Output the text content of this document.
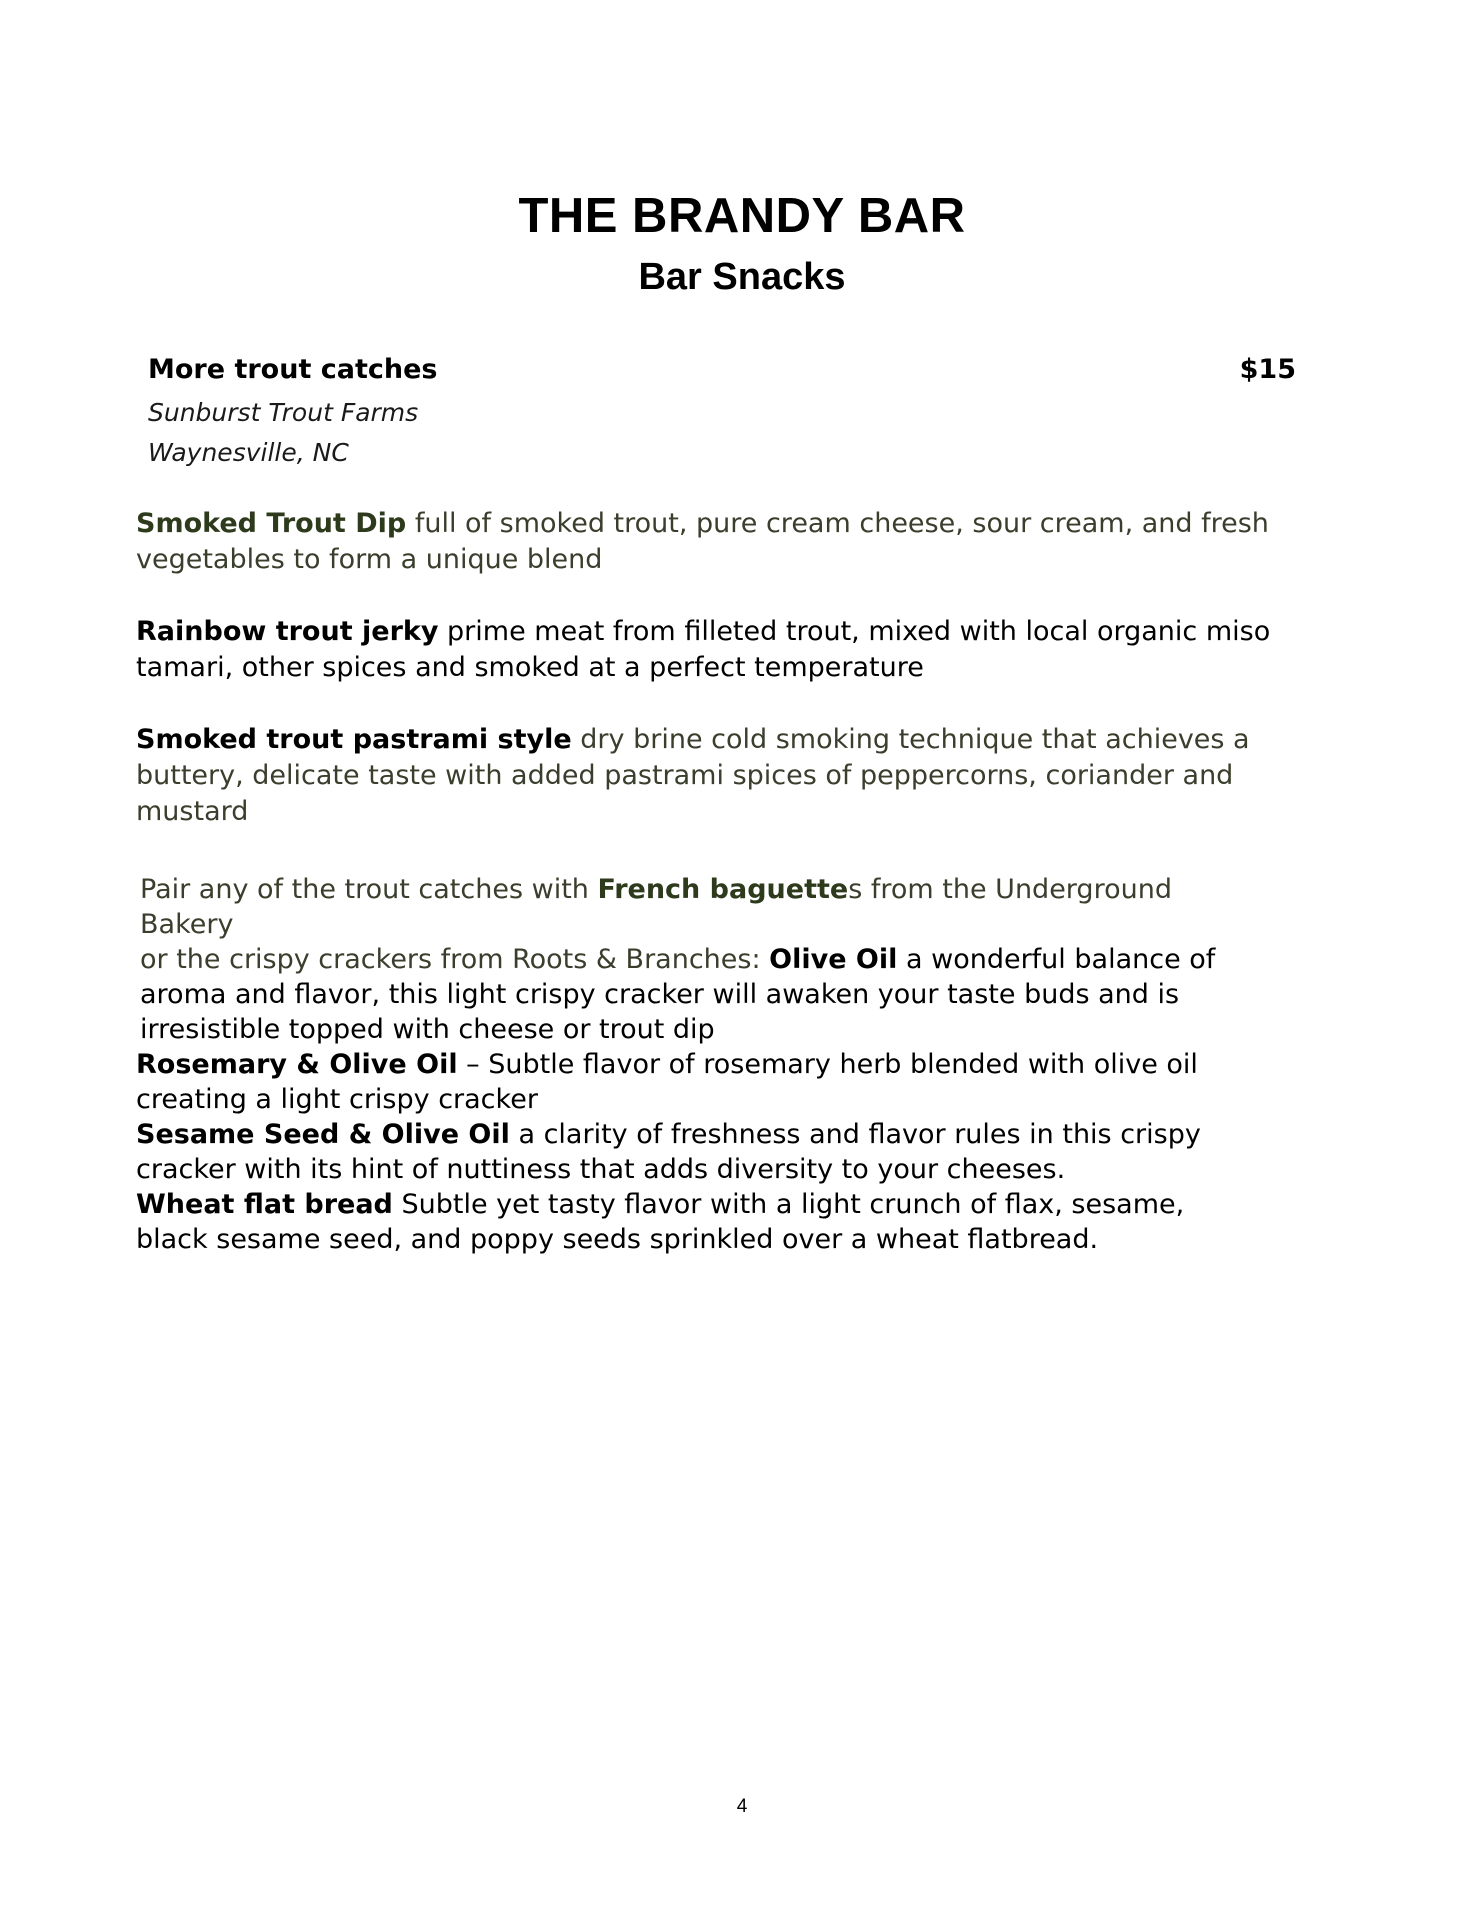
THE BRANDY BAR
Bar Snacks
More trout catches	$15
Sunburst Trout Farms
Waynesville, NC

Smoked Trout Dip full of smoked trout, pure cream cheese, sour cream, and fresh
vegetables to form a unique blend

Rainbow trout jerky prime meat from filleted trout, mixed with local organic miso
tamari, other spices and smoked at a perfect temperature

Smoked trout pastrami style dry brine cold smoking technique that achieves a
buttery, delicate taste with added pastrami spices of peppercorns, coriander and
mustard

Pair any of the trout catches with French baguettes from the Underground
Bakery
or the crispy crackers from Roots & Branches: Olive Oil a wonderful balance of
aroma and flavor, this light crispy cracker will awaken your taste buds and is
irresistible topped with cheese or trout dip
Rosemary & Olive Oil – Subtle flavor of rosemary herb blended with olive oil
creating a light crispy cracker
Sesame Seed & Olive Oil a clarity of freshness and flavor rules in this crispy
cracker with its hint of nuttiness that adds diversity to your cheeses.
Wheat flat bread Subtle yet tasty flavor with a light crunch of flax, sesame,
black sesame seed, and poppy seeds sprinkled over a wheat flatbread.
4
